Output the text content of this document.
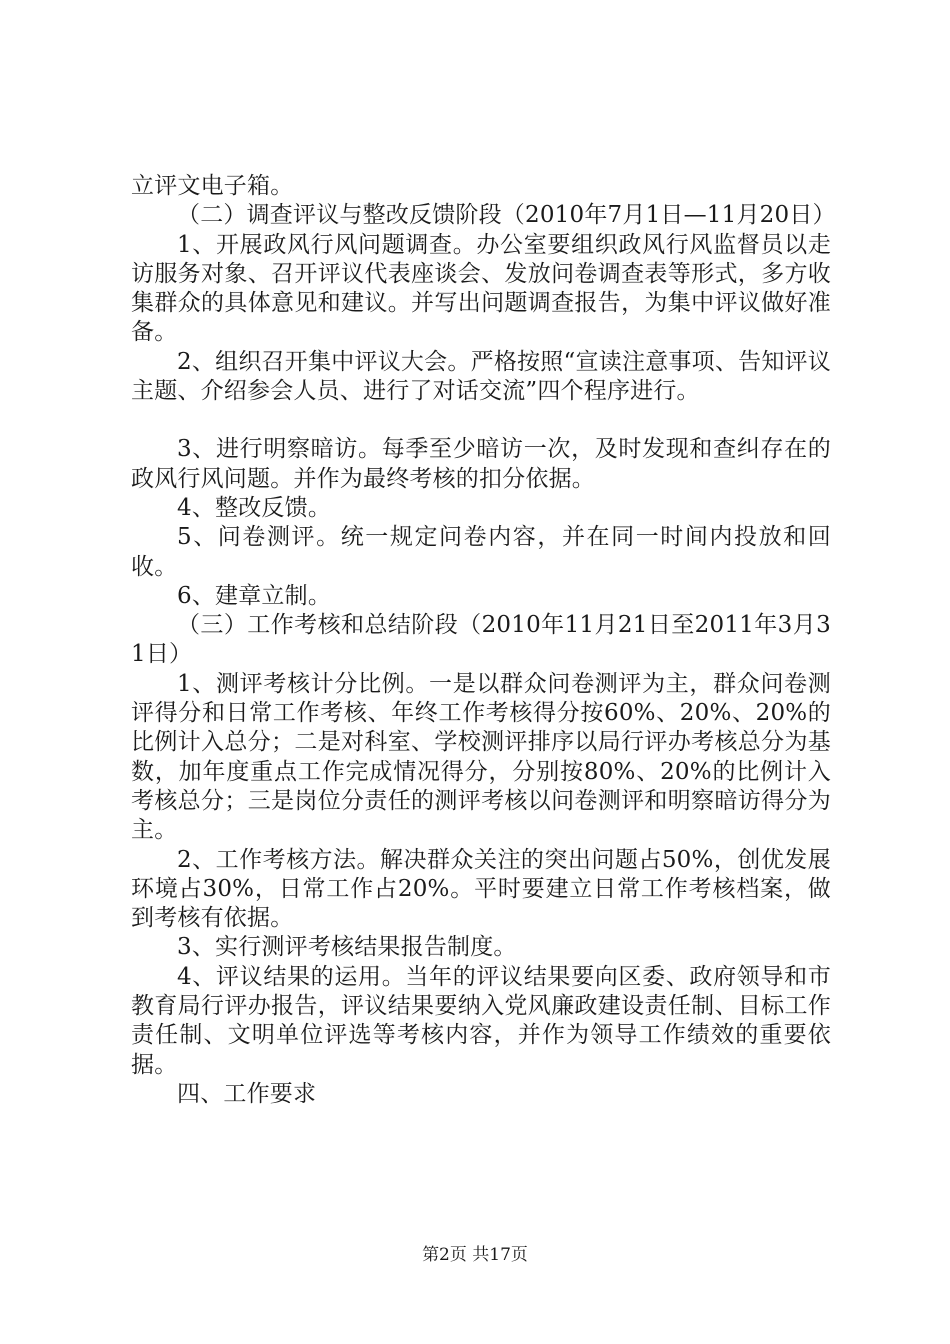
立评文电子箱。

（二）调查评议与整改反馈阶段（2010年7月1日—11月20日）

1、开展政风行风问题调查。办公室要组织政风行风监督员以走访服务对象、召开评议代表座谈会、发放问卷调查表等形式，多方收集群众的具体意见和建议。并写出问题调查报告，为集中评议做好准备。

2、组织召开集中评议大会。严格按照“宣读注意事项、告知评议主题、介绍参会人员、进行了对话交流”四个程序进行。

3、进行明察暗访。每季至少暗访一次，及时发现和查纠存在的政风行风问题。并作为最终考核的扣分依据。

4、整改反馈。

5、问卷测评。统一规定问卷内容，并在同一时间内投放和回收。

6、建章立制。

（三）工作考核和总结阶段（2010年11月21日至2011年3月31日）

1、测评考核计分比例。一是以群众问卷测评为主，群众问卷测评得分和日常工作考核、年终工作考核得分按60%、20%、20%的比例计入总分；二是对科室、学校测评排序以局行评办考核总分为基数，加年度重点工作完成情况得分，分别按80%、20%的比例计入考核总分；三是岗位分责任的测评考核以问卷测评和明察暗访得分为主。

2、工作考核方法。解决群众关注的突出问题占50%，创优发展环境占30%，日常工作占20%。平时要建立日常工作考核档案，做到考核有依据。

3、实行测评考核结果报告制度。

4、评议结果的运用。当年的评议结果要向区委、政府领导和市教育局行评办报告，评议结果要纳入党风廉政建设责任制、目标工作责任制、文明单位评选等考核内容，并作为领导工作绩效的重要依据。

四、工作要求

第2页 共17页
